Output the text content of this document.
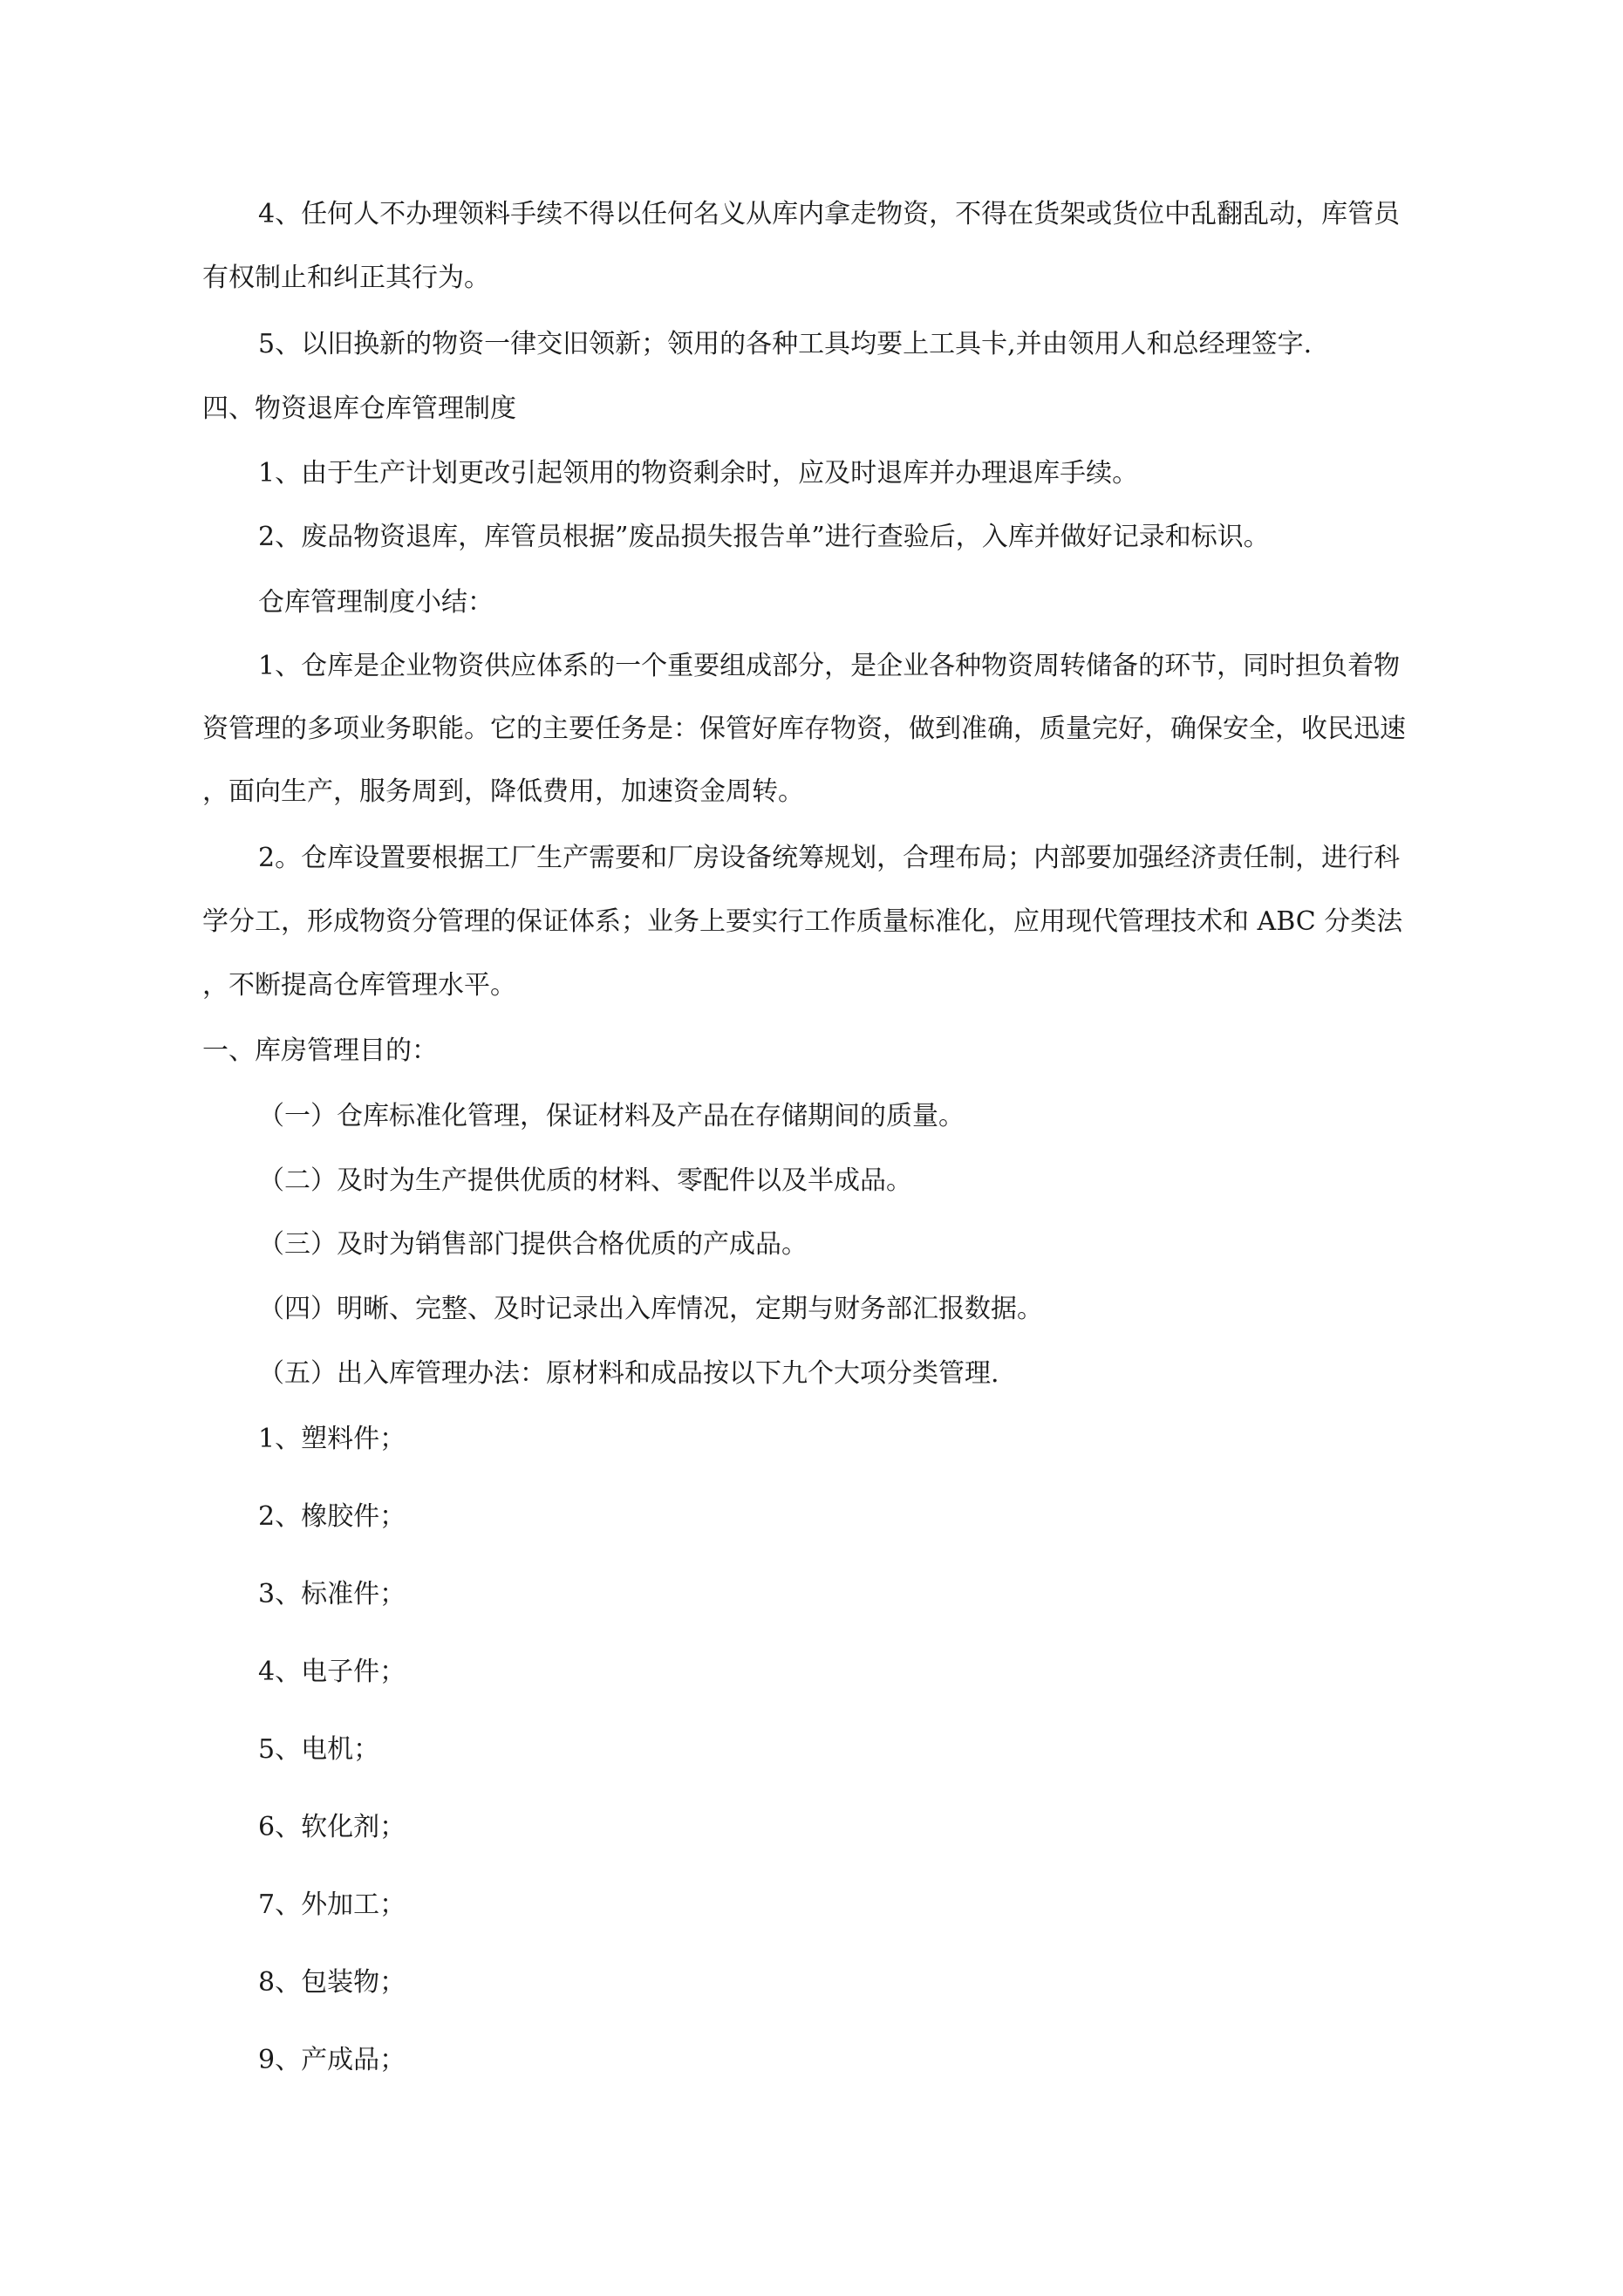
4、任何人不办理领料手续不得以任何名义从库内拿走物资，不得在货架或货位中乱翻乱动，库管员
有权制止和纠正其行为。
5、以旧换新的物资一律交旧领新；领用的各种工具均要上工具卡,并由领用人和总经理签字.
四、物资退库仓库管理制度
1、由于生产计划更改引起领用的物资剩余时，应及时退库并办理退库手续。
2、废品物资退库，库管员根据”废品损失报告单”进行查验后，入库并做好记录和标识。
仓库管理制度小结：
1、仓库是企业物资供应体系的一个重要组成部分，是企业各种物资周转储备的环节，同时担负着物
资管理的多项业务职能。它的主要任务是：保管好库存物资，做到准确，质量完好，确保安全，收民迅速
，面向生产，服务周到，降低费用，加速资金周转。
2。仓库设置要根据工厂生产需要和厂房设备统筹规划，合理布局；内部要加强经济责任制，进行科
学分工，形成物资分管理的保证体系；业务上要实行工作质量标准化，应用现代管理技术和 ABC 分类法
，不断提高仓库管理水平。
一、库房管理目的：
（一）仓库标准化管理，保证材料及产品在存储期间的质量。
（二）及时为生产提供优质的材料、零配件以及半成品。
（三）及时为销售部门提供合格优质的产成品。
（四）明晰、完整、及时记录出入库情况，定期与财务部汇报数据。
（五）出入库管理办法：原材料和成品按以下九个大项分类管理.
1、塑料件；
2、橡胶件；
3、标准件；
4、电子件；
5、电机；
6、软化剂；
7、外加工；
8、包装物；
9、产成品；
